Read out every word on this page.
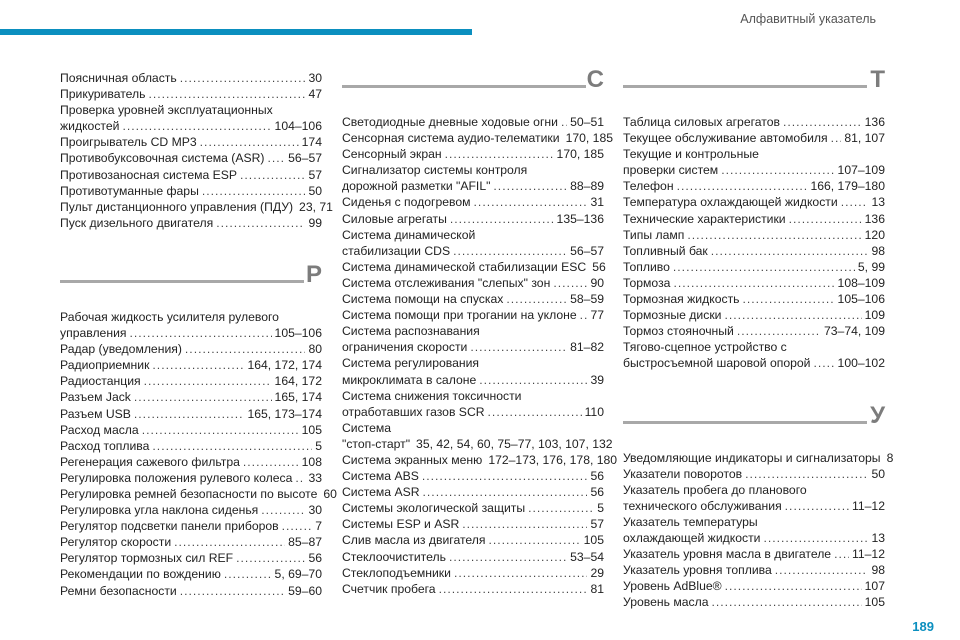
Алфавитный указатель
Поясничная область .....	30
Прикуриватель .....	47
Проверка уровней эксплуатационных
жидкостей .....	104–106
Проигрыватель CD MP3 .....	174
Противобуксовочная система (ASR) ..... 56–57
Противозаносная система ESP .....	57
Противотуманные фары .....	50
Пульт дистанционного управления (ПДУ) 23, 71
Пуск дизельного двигателя .....	99
P
Рабочая жидкость усилителя рулевого
управления .....	105–106
Радар (уведомления) .....	80
Радиоприемник .....	164, 172, 174
Радиостанция .....	164, 172
Разъем Jack .....	165, 174
Разъем USB .....	165, 173–174
Расход масла .....	105
Расход топлива .....	5
Регенерация сажевого фильтра .....	108
Регулировка положения рулевого колеса ..... 33
Регулировка ремней безопасности по высоте 60
Регулировка угла наклона сиденья .....	30
Регулятор подсветки панели приборов .....	7
Регулятор скорости .....	85–87
Регулятор тормозных сил REF .....	56
Рекомендации по вождению .....	5, 69–70
Ремни безопасности .....	59–60
C
Светодиодные дневные ходовые огни ..... 50–51
Сенсорная система аудио-телематики 170, 185
Сенсорный экран .....	170, 185
Сигнализатор системы контроля
дорожной разметки "AFIL" .....	88–89
Сиденья с подогревом .....	31
Силовые агрегаты .....	135–136
Система динамической
стабилизации CDS .....	56–57
Система динамической стабилизации ESC 56
Система отслеживания "слепых" зон .....	90
Система помощи на спусках .....	58–59
Система помощи при трогании на уклоне ..... 77
Система распознавания
ограничения скорости .....	81–82
Система регулирования
микроклимата в салоне .....	39
Система снижения токсичности
отработавших газов SCR .....	110
Система
"стоп-старт" 35, 42, 54, 60, 75–77, 103, 107, 132
Система экранных меню 172–173, 176, 178, 180
Система ABS .....	56
Система ASR .....	56
Системы экологической защиты .....	5
Системы ESP и ASR .....	57
Слив масла из двигателя .....	105
Стеклоочиститель .....	53–54
Стеклоподъемники .....	29
Счетчик пробега .....	81
T
Таблица силовых агрегатов .....	136
Текущее обслуживание автомобиля ..... 81, 107
Текущие и контрольные
проверки систем .....	107–109
Телефон .....	166, 179–180
Температура охлаждающей жидкости .....	13
Технические характеристики .....	136
Типы ламп .....	120
Топливный бак .....	98
Топливо .....	5, 99
Тормозa .....	108–109
Тормозная жидкость .....	105–106
Тормозные диски .....	109
Тормоз стояночный .....	73–74, 109
Тягово-сцепное устройство с
быстросъемной шаровой опорой ..... 100–102
У
Уведомляющие индикаторы и сигнализаторы 8
Указатели поворотов .....	50
Указатель пробега до планового
технического обслуживания .....	11–12
Указатель температуры
охлаждающей жидкости .....	13
Указатель уровня масла в двигателе ..... 11–12
Указатель уровня топлива .....	98
Уровень AdBlue® .....	107
Уровень масла .....	105
189
